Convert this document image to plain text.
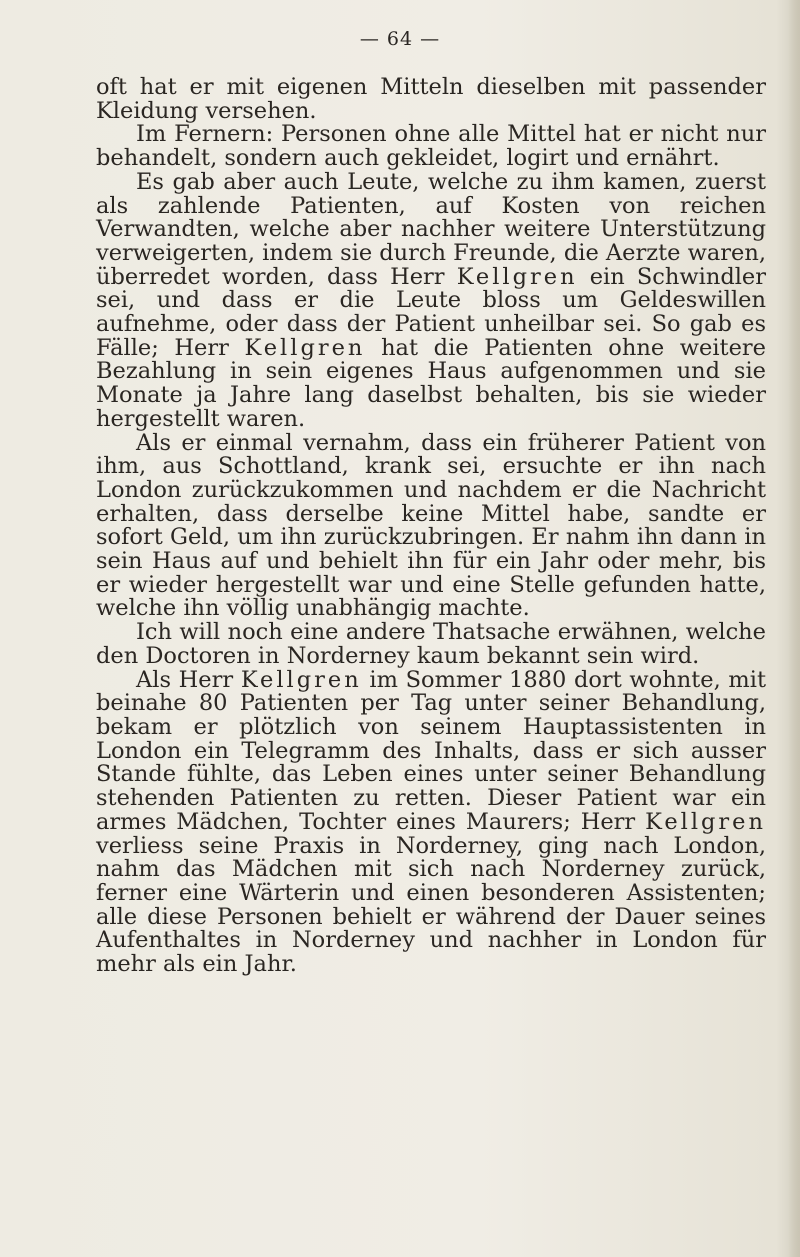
— 64 —

oft hat er mit eigenen Mitteln dieselben mit passender Kleidung versehen.

Im Fernern: Personen ohne alle Mittel hat er nicht nur behandelt, sondern auch gekleidet, logirt und ernährt.

Es gab aber auch Leute, welche zu ihm kamen, zuerst als zahlende Patienten, auf Kosten von reichen Verwandten, welche aber nachher weitere Unterstützung verweigerten, indem sie durch Freunde, die Aerzte waren, überredet worden, dass Herr Kellgren ein Schwindler sei, und dass er die Leute bloss um Geldeswillen aufnehme, oder dass der Patient unheilbar sei. So gab es Fälle; Herr Kellgren hat die Patienten ohne weitere Bezahlung in sein eigenes Haus aufgenommen und sie Monate ja Jahre lang daselbst behalten, bis sie wieder hergestellt waren.

Als er einmal vernahm, dass ein früherer Patient von ihm, aus Schottland, krank sei, ersuchte er ihn nach London zurückzukommen und nachdem er die Nachricht erhalten, dass derselbe keine Mittel habe, sandte er sofort Geld, um ihn zurückzubringen. Er nahm ihn dann in sein Haus auf und behielt ihn für ein Jahr oder mehr, bis er wieder hergestellt war und eine Stelle gefunden hatte, welche ihn völlig unabhängig machte.

Ich will noch eine andere Thatsache erwähnen, welche den Doctoren in Norderney kaum bekannt sein wird.

Als Herr Kellgren im Sommer 1880 dort wohnte, mit beinahe 80 Patienten per Tag unter seiner Behandlung, bekam er plötzlich von seinem Hauptassistenten in London ein Telegramm des Inhalts, dass er sich ausser Stande fühlte, das Leben eines unter seiner Behandlung stehenden Patienten zu retten. Dieser Patient war ein armes Mädchen, Tochter eines Maurers; Herr Kellgren verliess seine Praxis in Norderney, ging nach London, nahm das Mädchen mit sich nach Norderney zurück, ferner eine Wärterin und einen besonderen Assistenten; alle diese Personen behielt er während der Dauer seines Aufenthaltes in Norderney und nachher in London für mehr als ein Jahr.
